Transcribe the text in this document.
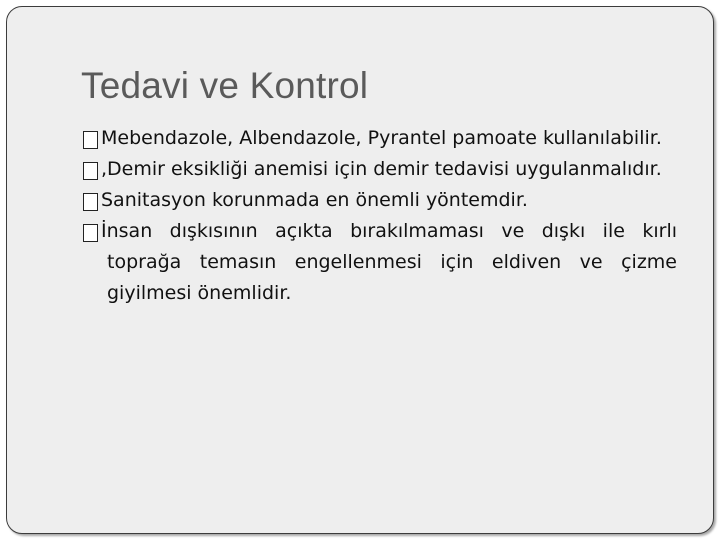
Tedavi ve Kontrol
Mebendazole, Albendazole, Pyrantel pamoate kullanılabilir.
,Demir eksikliği anemisi için demir tedavisi uygulanmalıdır.
Sanitasyon korunmada en önemli yöntemdir.
İnsan dışkısının açıkta bırakılmaması ve dışkı ile kırlı toprağa temasın engellenmesi için eldiven ve çizme giyilmesi önemlidir.
